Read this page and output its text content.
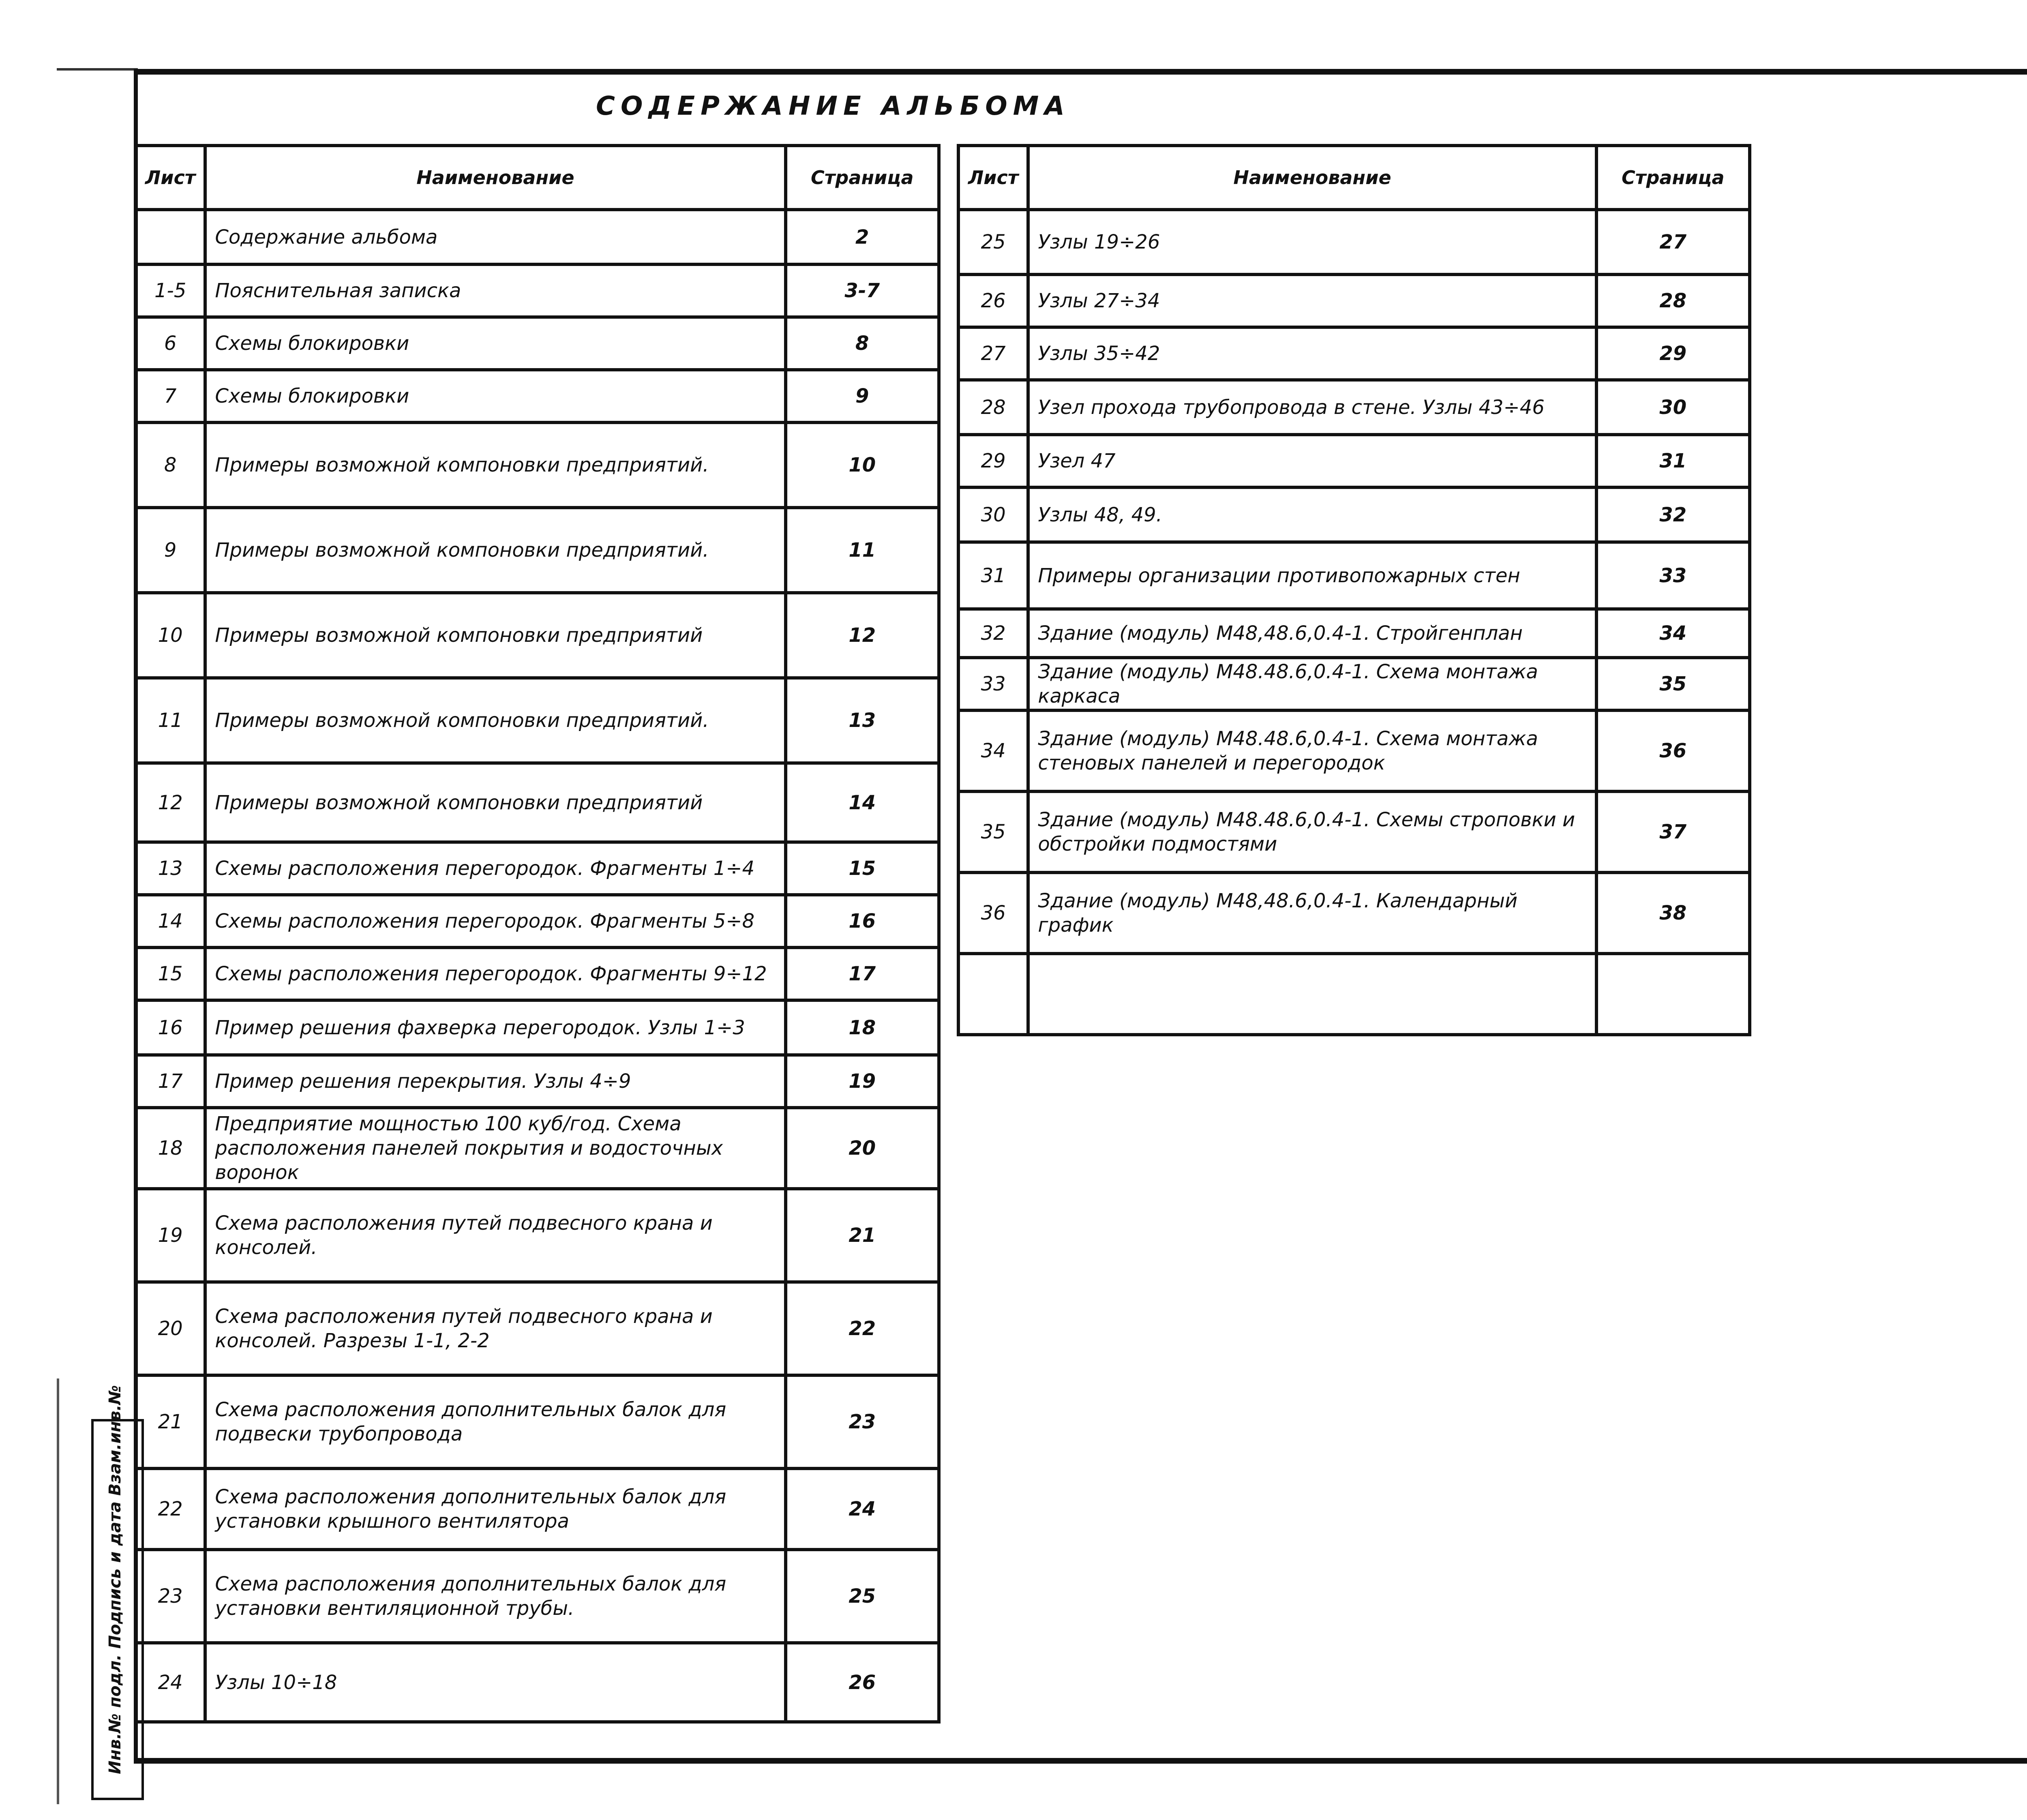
СОДЕРЖАНИЕ АЛЬБОМА
Лист	Наименование	Страница
	Содержание альбома	2
1-5	Пояснительная записка	3-7
6	Схемы блокировки	8
7	Схемы блокировки	9
8	Примеры возможной компоновки предприятий.	10
9	Примеры возможной компоновки предприятий.	11
10	Примеры возможной компоновки предприятий	12
11	Примеры возможной компоновки предприятий.	13
12	Примеры возможной компоновки предприятий	14
13	Схемы расположения перегородок. Фрагменты 1÷4	15
14	Схемы расположения перегородок. Фрагменты 5÷8	16
15	Схемы расположения перегородок. Фрагменты 9÷12	17
16	Пример решения фахверка перегородок. Узлы 1÷3	18
17	Пример решения перекрытия. Узлы 4÷9	19
18	Предприятие мощностью 100 куб/год. Схема расположения панелей покрытия и водосточных воронок	20
19	Схема расположения путей подвесного крана и консолей.	21
20	Схема расположения путей подвесного крана и консолей. Разрезы 1-1, 2-2	22
21	Схема расположения дополнительных балок для подвески трубопровода	23
22	Схема расположения дополнительных балок для установки крышного вентилятора	24
23	Схема расположения дополнительных балок для установки вентиляционной трубы.	25
24	Узлы 10÷18	26
Лист	Наименование	Страница
25	Узлы 19÷26	27
26	Узлы 27÷34	28
27	Узлы 35÷42	29
28	Узел прохода трубопровода в стене. Узлы 43÷46	30
29	Узел 47	31
30	Узлы 48, 49.	32
31	Примеры организации противопожарных стен	33
32	Здание (модуль) М48,48.6,0.4-1. Стройгенплан	34
33	Здание (модуль) М48.48.6,0.4-1. Схема монтажа каркаса	35
34	Здание (модуль) М48.48.6,0.4-1. Схема монтажа стеновых панелей и перегородок	36
35	Здание (модуль) М48.48.6,0.4-1. Схемы строповки и обстройки подмостями	37
36	Здание (модуль) М48,48.6,0.4-1. Календарный график	38

Инв.№ подл. Подпись и дата Взам.инв.№
